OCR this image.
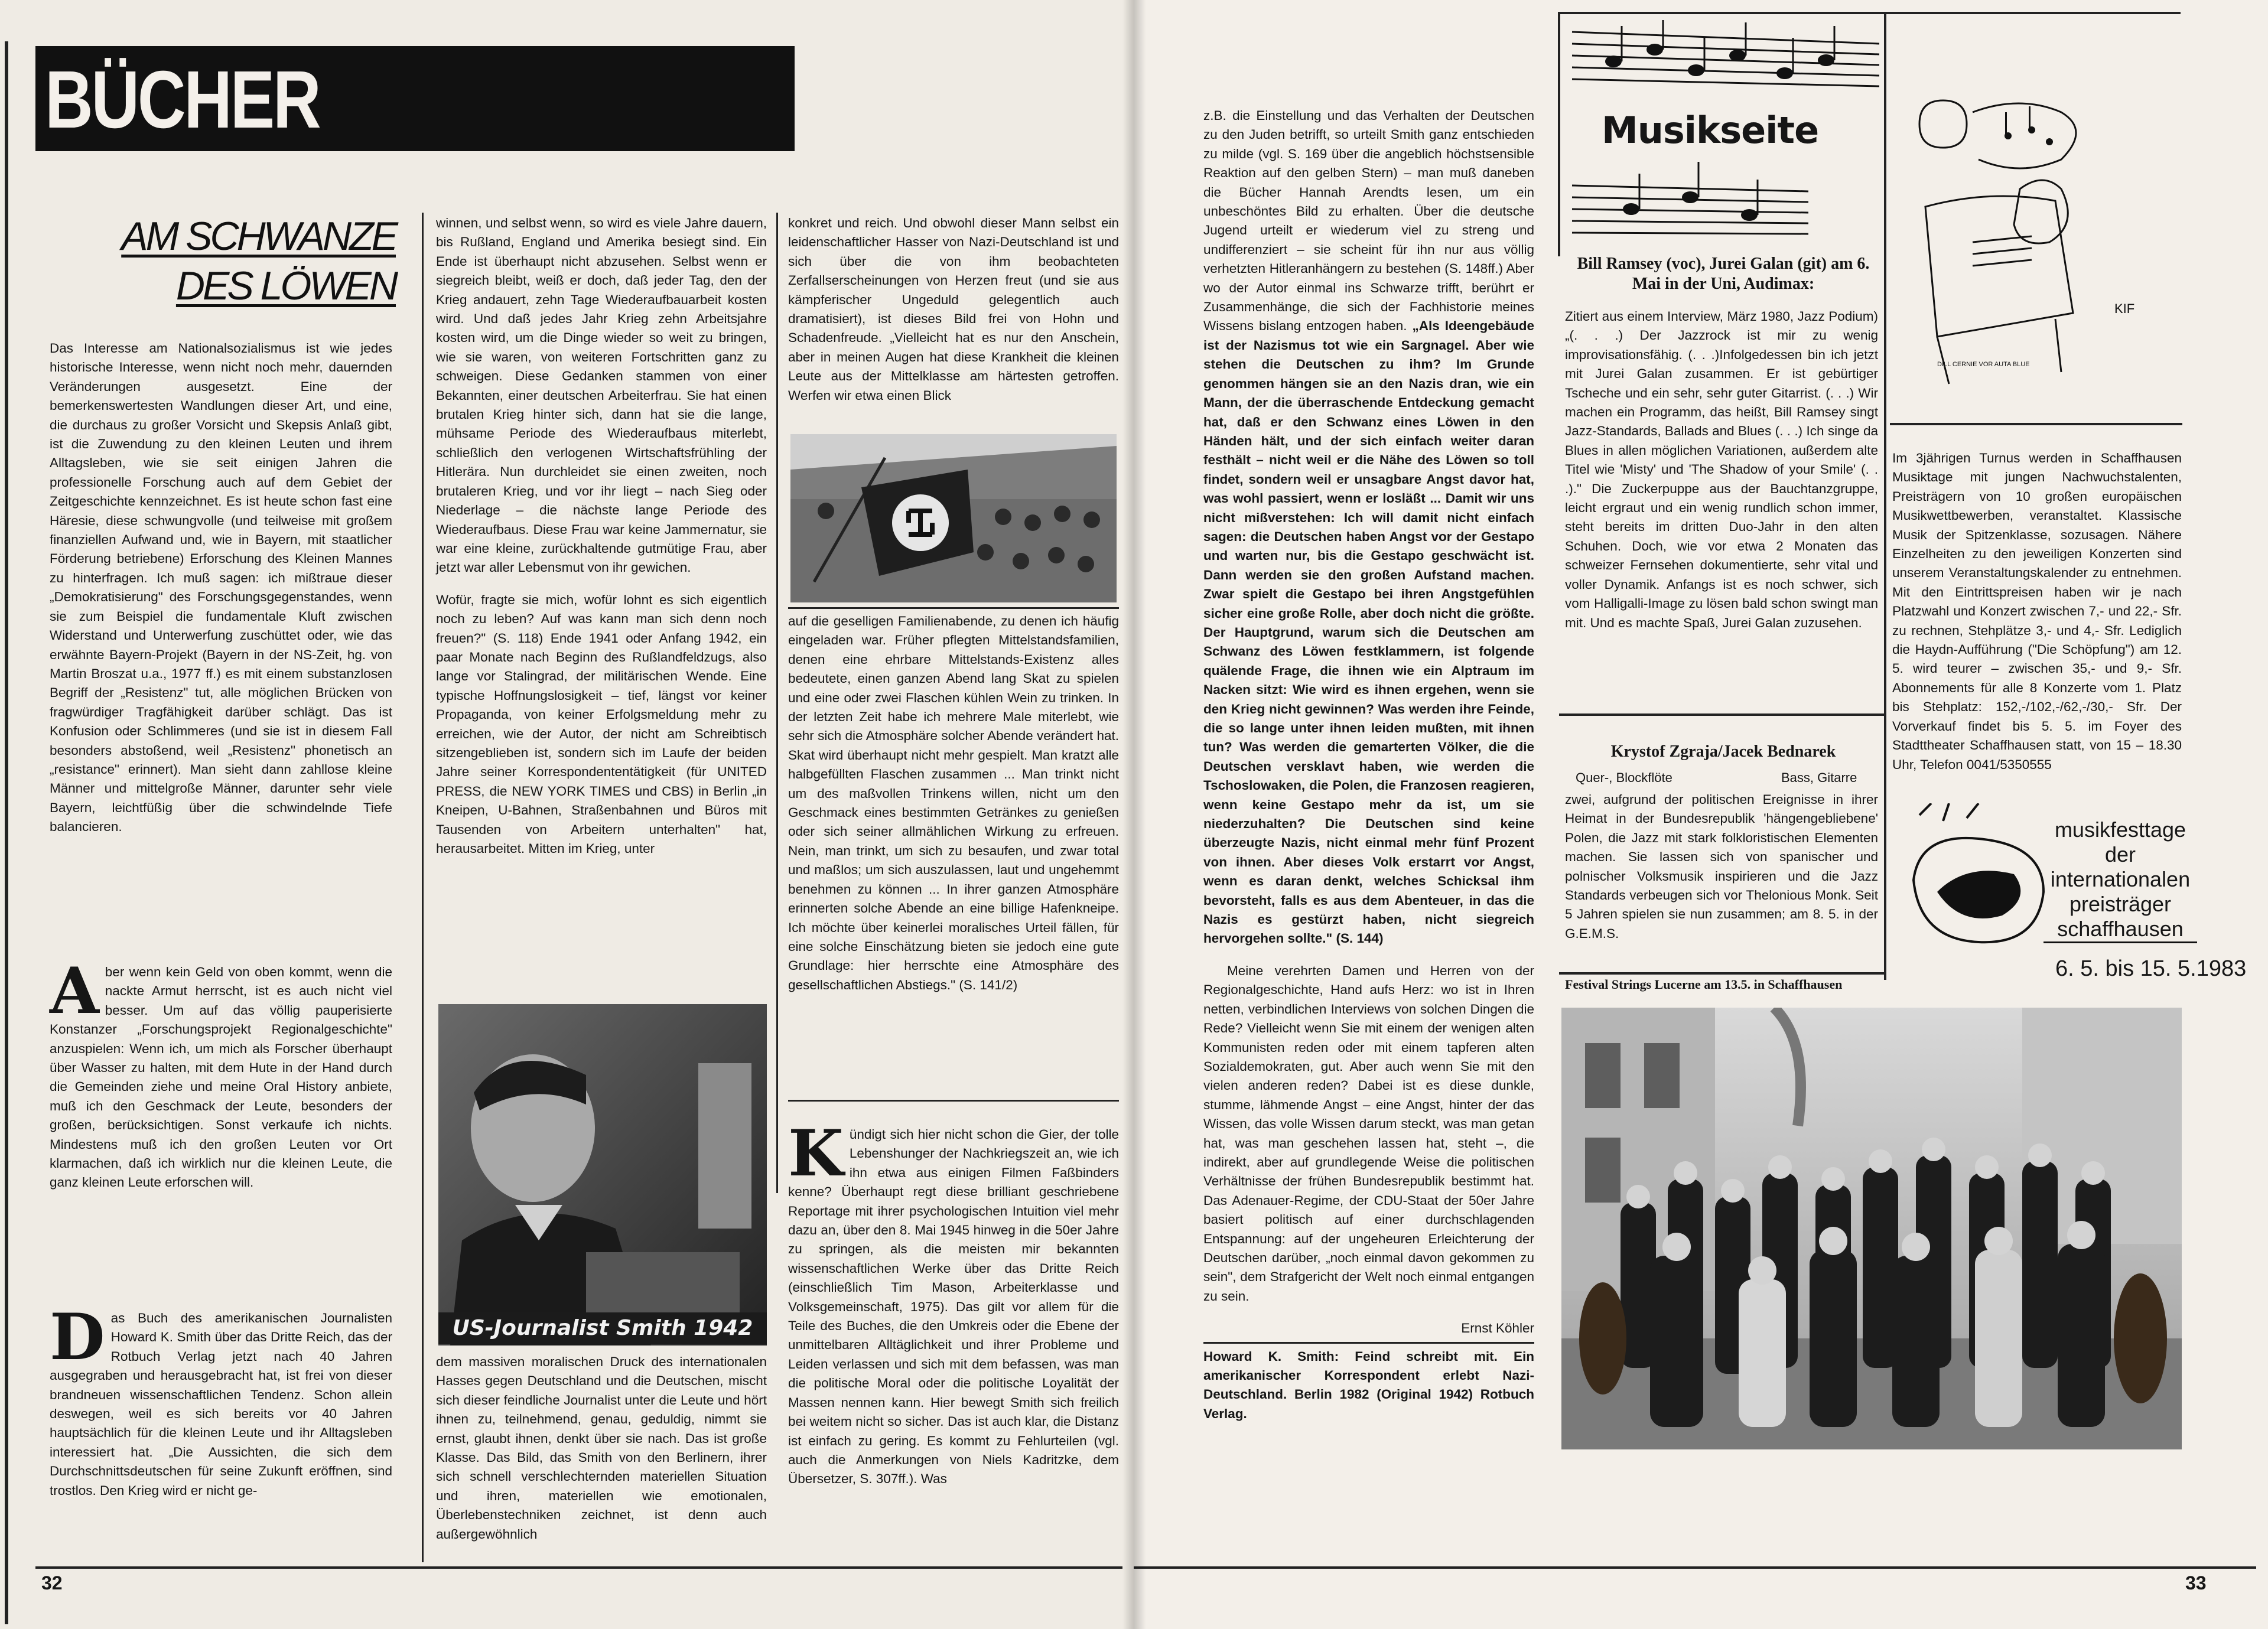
BÜCHER
AM SCHWANZE
DES LÖWEN

Das Interesse am Nationalsozialismus ist wie jedes historische Interesse, wenn nicht noch mehr, dauernden Veränderungen ausgesetzt. Eine der bemerkenswertesten Wandlungen dieser Art, und eine, die durchaus zu großer Vorsicht und Skepsis Anlaß gibt, ist die Zuwendung zu den kleinen Leuten und ihrem Alltagsleben, wie sie seit einigen Jahren die professionelle Forschung auch auf dem Gebiet der Zeitgeschichte kennzeichnet. Es ist heute schon fast eine Häresie, diese schwungvolle (und teilweise mit großem finanziellen Aufwand und, wie in Bayern, mit staatlicher Förderung betriebene) Erforschung des Kleinen Mannes zu hinterfragen. Ich muß sagen: ich mißtraue dieser „Demokratisierung" des Forschungsgegenstandes, wenn sie zum Beispiel die fundamentale Kluft zwischen Widerstand und Unterwerfung zuschüttet oder, wie das erwähnte Bayern-Projekt (Bayern in der NS-Zeit, hg. von Martin Broszat u.a., 1977 ff.) es mit einem substanzlosen Begriff der „Resistenz" tut, alle möglichen Brücken von fragwürdiger Tragfähigkeit darüber schlägt. Das ist Konfusion oder Schlimmeres (und sie ist in diesem Fall besonders abstoßend, weil „Resistenz" phonetisch an „resistance" erinnert). Man sieht dann zahllose kleine Männer und mittelgroße Männer, darunter sehr viele Bayern, leichtfüßig über die schwindelnde Tiefe balancieren.

Aber wenn kein Geld von oben kommt, wenn die nackte Armut herrscht, ist es auch nicht viel besser. Um auf das völlig pauperisierte Konstanzer „Forschungsprojekt Regionalgeschichte" anzuspielen: Wenn ich, um mich als Forscher überhaupt über Wasser zu halten, mit dem Hute in der Hand durch die Gemeinden ziehe und meine Oral History anbiete, muß ich den Geschmack der Leute, besonders der großen, berücksichtigen. Sonst verkaufe ich nichts. Mindestens muß ich den großen Leuten vor Ort klarmachen, daß ich wirklich nur die kleinen Leute, die ganz kleinen Leute erforschen will.

Das Buch des amerikanischen Journalisten Howard K. Smith über das Dritte Reich, das der Rotbuch Verlag jetzt nach 40 Jahren ausgegraben und herausgebracht hat, ist frei von dieser brandneuen wissenschaftlichen Tendenz. Schon allein deswegen, weil es sich bereits vor 40 Jahren hauptsächlich für die kleinen Leute und ihr Alltagsleben interessiert hat. „Die Aussichten, die sich dem Durchschnittsdeutschen für seine Zukunft eröffnen, sind trostlos. Den Krieg wird er nicht ge-

winnen, und selbst wenn, so wird es viele Jahre dauern, bis Rußland, England und Amerika besiegt sind. Ein Ende ist überhaupt nicht abzusehen. Selbst wenn er siegreich bleibt, weiß er doch, daß jeder Tag, den der Krieg andauert, zehn Tage Wiederaufbauarbeit kosten wird. Und daß jedes Jahr Krieg zehn Arbeitsjahre kosten wird, um die Dinge wieder so weit zu bringen, wie sie waren, von weiteren Fortschritten ganz zu schweigen. Diese Gedanken stammen von einer Bekannten, einer deutschen Arbeiterfrau. Sie hat einen brutalen Krieg hinter sich, dann hat sie die lange, mühsame Periode des Wiederaufbaus miterlebt, schließlich den verlogenen Wirtschaftsfrühling der Hitlerära. Nun durchleidet sie einen zweiten, noch brutaleren Krieg, und vor ihr liegt – nach Sieg oder Niederlage – die nächste lange Periode des Wiederaufbaus. Diese Frau war keine Jammernatur, sie war eine kleine, zurückhaltende gutmütige Frau, aber jetzt war aller Lebensmut von ihr gewichen.

Wofür, fragte sie mich, wofür lohnt es sich eigentlich noch zu leben? Auf was kann man sich denn noch freuen?" (S. 118) Ende 1941 oder Anfang 1942, ein paar Monate nach Beginn des Rußlandfeldzugs, also lange vor Stalingrad, der militärischen Wende. Eine typische Hoffnungslosigkeit – tief, längst vor keiner Propaganda, von keiner Erfolgsmeldung mehr zu erreichen, wie der Autor, der nicht am Schreibtisch sitzengeblieben ist, sondern sich im Laufe der beiden Jahre seiner Korrespondententätigkeit (für UNITED PRESS, die NEW YORK TIMES und CBS) in Berlin „in Kneipen, U-Bahnen, Straßenbahnen und Büros mit Tausenden von Arbeitern unterhalten" hat, herausarbeitet. Mitten im Krieg, unter

US-Journalist Smith 1942

dem massiven moralischen Druck des internationalen Hasses gegen Deutschland und die Deutschen, mischt sich dieser feindliche Journalist unter die Leute und hört ihnen zu, teilnehmend, genau, geduldig, nimmt sie ernst, glaubt ihnen, denkt über sie nach. Das ist große Klasse. Das Bild, das Smith von den Berlinern, ihrer sich schnell verschlechternden materiellen Situation und ihren, materiellen wie emotionalen, Überlebenstechniken zeichnet, ist denn auch außergewöhnlich

konkret und reich. Und obwohl dieser Mann selbst ein leidenschaftlicher Hasser von Nazi-Deutschland ist und sich über die von ihm beobachteten Zerfallserscheinungen von Herzen freut (und sie aus kämpferischer Ungeduld gelegentlich auch dramatisiert), ist dieses Bild frei von Hohn und Schadenfreude. „Vielleicht hat es nur den Anschein, aber in meinen Augen hat diese Krankheit die kleinen Leute aus der Mittelklasse am härtesten getroffen. Werfen wir etwa einen Blick

auf die geselligen Familienabende, zu denen ich häufig eingeladen war. Früher pflegten Mittelstandsfamilien, denen eine ehrbare Mittelstands-Existenz alles bedeutete, einen ganzen Abend lang Skat zu spielen und eine oder zwei Flaschen kühlen Wein zu trinken. In der letzten Zeit habe ich mehrere Male miterlebt, wie sehr sich die Atmosphäre solcher Abende verändert hat. Skat wird überhaupt nicht mehr gespielt. Man kratzt alle halbgefüllten Flaschen zusammen ... Man trinkt nicht um des maßvollen Trinkens willen, nicht um den Geschmack eines bestimmten Getränkes zu genießen oder sich seiner allmählichen Wirkung zu erfreuen. Nein, man trinkt, um sich zu besaufen, und zwar total und maßlos; um sich auszulassen, laut und ungehemmt benehmen zu können ... In ihrer ganzen Atmosphäre erinnerten solche Abende an eine billige Hafenkneipe. Ich möchte über keinerlei moralisches Urteil fällen, für eine solche Einschätzung bieten sie jedoch eine gute Grundlage: hier herrschte eine Atmosphäre des gesellschaftlichen Abstiegs." (S. 141/2)

Kündigt sich hier nicht schon die Gier, der tolle Lebenshunger der Nachkriegszeit an, wie ich ihn etwa aus einigen Filmen Faßbinders kenne? Überhaupt regt diese brilliant geschriebene Reportage mit ihrer psychologischen Intuition viel mehr dazu an, über den 8. Mai 1945 hinweg in die 50er Jahre zu springen, als die meisten mir bekannten wissenschaftlichen Werke über das Dritte Reich (einschließlich Tim Mason, Arbeiterklasse und Volksgemeinschaft, 1975). Das gilt vor allem für die Teile des Buches, die den Umkreis oder die Ebene der unmittelbaren Alltäglichkeit und ihrer Probleme und Leiden verlassen und sich mit dem befassen, was man die politische Moral oder die politische Loyalität der Massen nennen kann. Hier bewegt Smith sich freilich bei weitem nicht so sicher. Das ist auch klar, die Distanz ist einfach zu gering. Es kommt zu Fehlurteilen (vgl. auch die Anmerkungen von Niels Kadritzke, dem Übersetzer, S. 307ff.). Was

32

z.B. die Einstellung und das Verhalten der Deutschen zu den Juden betrifft, so urteilt Smith ganz entschieden zu milde (vgl. S. 169 über die angeblich höchstsensible Reaktion auf den gelben Stern) – man muß daneben die Bücher Hannah Arendts lesen, um ein unbeschöntes Bild zu erhalten. Über die deutsche Jugend urteilt er wiederum viel zu streng und undifferenziert – sie scheint für ihn nur aus völlig verhetzten Hitleranhängern zu bestehen (S. 148ff.) Aber wo der Autor einmal ins Schwarze trifft, berührt er Zusammenhänge, die sich der Fachhistorie meines Wissens bislang entzogen haben. „Als Ideengebäude ist der Nazismus tot wie ein Sargnagel. Aber wie stehen die Deutschen zu ihm? Im Grunde genommen hängen sie an den Nazis dran, wie ein Mann, der die überraschende Entdeckung gemacht hat, daß er den Schwanz eines Löwen in den Händen hält, und der sich einfach weiter daran festhält – nicht weil er die Nähe des Löwen so toll findet, sondern weil er unsagbare Angst davor hat, was wohl passiert, wenn er losläßt ... Damit wir uns nicht mißverstehen: Ich will damit nicht einfach sagen: die Deutschen haben Angst vor der Gestapo und warten nur, bis die Gestapo geschwächt ist. Dann werden sie den großen Aufstand machen. Zwar spielt die Gestapo bei ihren Angstgefühlen sicher eine große Rolle, aber doch nicht die größte. Der Hauptgrund, warum sich die Deutschen am Schwanz des Löwen festklammern, ist folgende quälende Frage, die ihnen wie ein Alptraum im Nacken sitzt: Wie wird es ihnen ergehen, wenn sie den Krieg nicht gewinnen? Was werden ihre Feinde, die so lange unter ihnen leiden mußten, mit ihnen tun? Was werden die gemarterten Völker, die die Deutschen versklavt haben, wie werden die Tschoslowaken, die Polen, die Franzosen reagieren, wenn keine Gestapo mehr da ist, um sie niederzuhalten? Die Deutschen sind keine überzeugte Nazis, nicht einmal mehr fünf Prozent von ihnen. Aber dieses Volk erstarrt vor Angst, wenn es daran denkt, welches Schicksal ihm bevorsteht, falls es aus dem Abenteuer, in das die Nazis es gestürzt haben, nicht siegreich hervorgehen sollte." (S. 144)

Meine verehrten Damen und Herren von der Regionalgeschichte, Hand aufs Herz: wo ist in Ihren netten, verbindlichen Interviews von solchen Dingen die Rede? Vielleicht wenn Sie mit einem der wenigen alten Kommunisten reden oder mit einem tapferen alten Sozialdemokraten, gut. Aber auch wenn Sie mit den vielen anderen reden? Dabei ist es diese dunkle, stumme, lähmende Angst – eine Angst, hinter der das Wissen, das volle Wissen darum steckt, was man getan hat, was man geschehen lassen hat, steht –, die indirekt, aber auf grundlegende Weise die politischen Verhältnisse der frühen Bundesrepublik bestimmt hat. Das Adenauer-Regime, der CDU-Staat der 50er Jahre basiert politisch auf einer durchschlagenden Entspannung: auf der ungeheuren Erleichterung der Deutschen darüber, „noch einmal davon gekommen zu sein", dem Strafgericht der Welt noch einmal entgangen zu sein.

Ernst Köhler
Howard K. Smith: Feind schreibt mit. Ein amerikanischer Korrespondent erlebt Nazi-Deutschland. Berlin 1982 (Original 1942) Rotbuch Verlag.
Musikseite
KIF
DILL CERNIE VOR AUTA BLUE
Bill Ramsey (voc), Jurei Galan (git) am 6. Mai in der Uni, Audimax:
Zitiert aus einem Interview, März 1980, Jazz Podium) „(. . .) Der Jazzrock ist mir zu wenig improvisationsfähig. (. . .)Infolgedessen bin ich jetzt mit Jurei Galan zusammen. Er ist gebürtiger Tscheche und ein sehr, sehr guter Gitarrist. (. . .) Wir machen ein Programm, das heißt, Bill Ramsey singt Jazz-Standards, Ballads and Blues (. . .) Ich singe da Blues in allen möglichen Variationen, außerdem alte Titel wie 'Misty' und 'The Shadow of your Smile' (. . .)." Die Zuckerpuppe aus der Bauchtanzgruppe, leicht ergraut und ein wenig rundlich schon immer, steht bereits im dritten Duo-Jahr in den alten Schuhen. Doch, wie vor etwa 2 Monaten das schweizer Fernsehen dokumentierte, sehr vital und voller Dynamik. Anfangs ist es noch schwer, sich vom Halligalli-Image zu lösen bald schon swingt man mit. Und es machte Spaß, Jurei Galan zuzusehen.
Krystof Zgraja/Jacek Bednarek
Quer-, Blockflöte	Bass, Gitarre
zwei, aufgrund der politischen Ereignisse in ihrer Heimat in der Bundesrepublik 'hängengebliebene' Polen, die Jazz mit stark folkloristischen Elementen machen. Sie lassen sich von spanischer und polnischer Volksmusik inspirieren und die Jazz Standards verbeugen sich vor Thelonious Monk. Seit 5 Jahren spielen sie nun zusammen; am 8. 5. in der G.E.M.S.
Im 3jährigen Turnus werden in Schaffhausen Musiktage mit jungen Nachwuchstalenten, Preisträgern von 10 großen europäischen Musikwettbewerben, veranstaltet. Klassische Musik der Spitzenklasse, sozusagen. Nähere Einzelheiten zu den jeweiligen Konzerten sind unserem Veranstaltungskalender zu entnehmen. Mit den Eintrittspreisen haben wir je nach Platzwahl und Konzert zwischen 7,- und 22,- Sfr. zu rechnen, Stehplätze 3,- und 4,- Sfr. Lediglich die Haydn-Aufführung ("Die Schöpfung") am 12. 5. wird teurer – zwischen 35,- und 9,- Sfr. Abonnements für alle 8 Konzerte vom 1. Platz bis Stehplatz: 152,-/102,-/62,-/30,- Sfr. Der Vorverkauf findet bis 5. 5. im Foyer des Stadttheater Schaffhausen statt, von 15 – 18.30 Uhr, Telefon 0041/5350555
musikfesttage
der
internationalen
preisträger
schaffhausen
6. 5. bis 15. 5.1983
Festival Strings Lucerne am 13.5. in Schaffhausen
33
